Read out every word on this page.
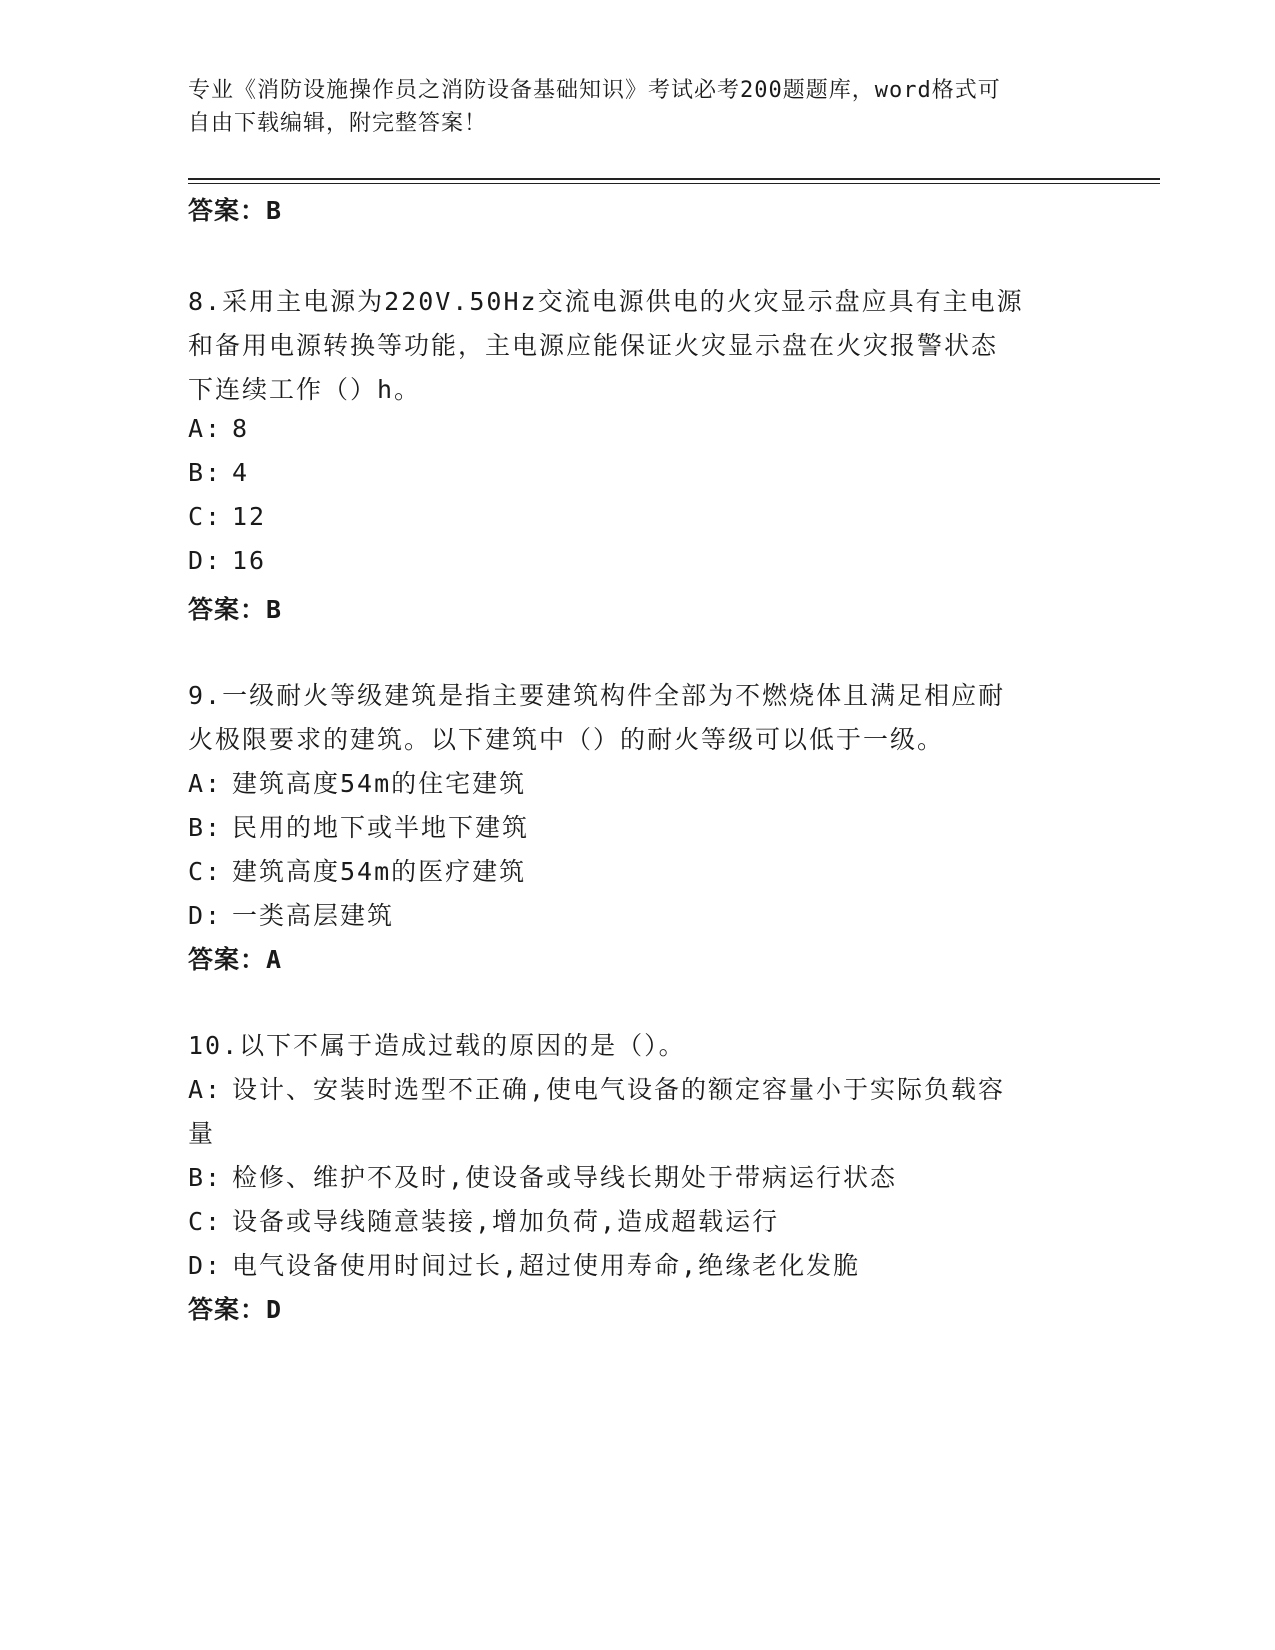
专业《消防设施操作员之消防设备基础知识》考试必考200题题库，word格式可
自由下载编辑，附完整答案！
答案：B
8.采用主电源为220V.50Hz交流电源供电的火灾显示盘应具有主电源
和备用电源转换等功能，主电源应能保证火灾显示盘在火灾报警状态
下连续工作（）h。
A: 8
B: 4
C: 12
D: 16
答案：B
9.一级耐火等级建筑是指主要建筑构件全部为不燃烧体且满足相应耐
火极限要求的建筑。以下建筑中（）的耐火等级可以低于一级。
A: 建筑高度54m的住宅建筑
B: 民用的地下或半地下建筑
C: 建筑高度54m的医疗建筑
D: 一类高层建筑
答案：A
10.以下不属于造成过载的原因的是（）。
A: 设计、安装时选型不正确,使电气设备的额定容量小于实际负载容
量
B: 检修、维护不及时,使设备或导线长期处于带病运行状态
C: 设备或导线随意装接,增加负荷,造成超载运行
D: 电气设备使用时间过长,超过使用寿命,绝缘老化发脆
答案：D
